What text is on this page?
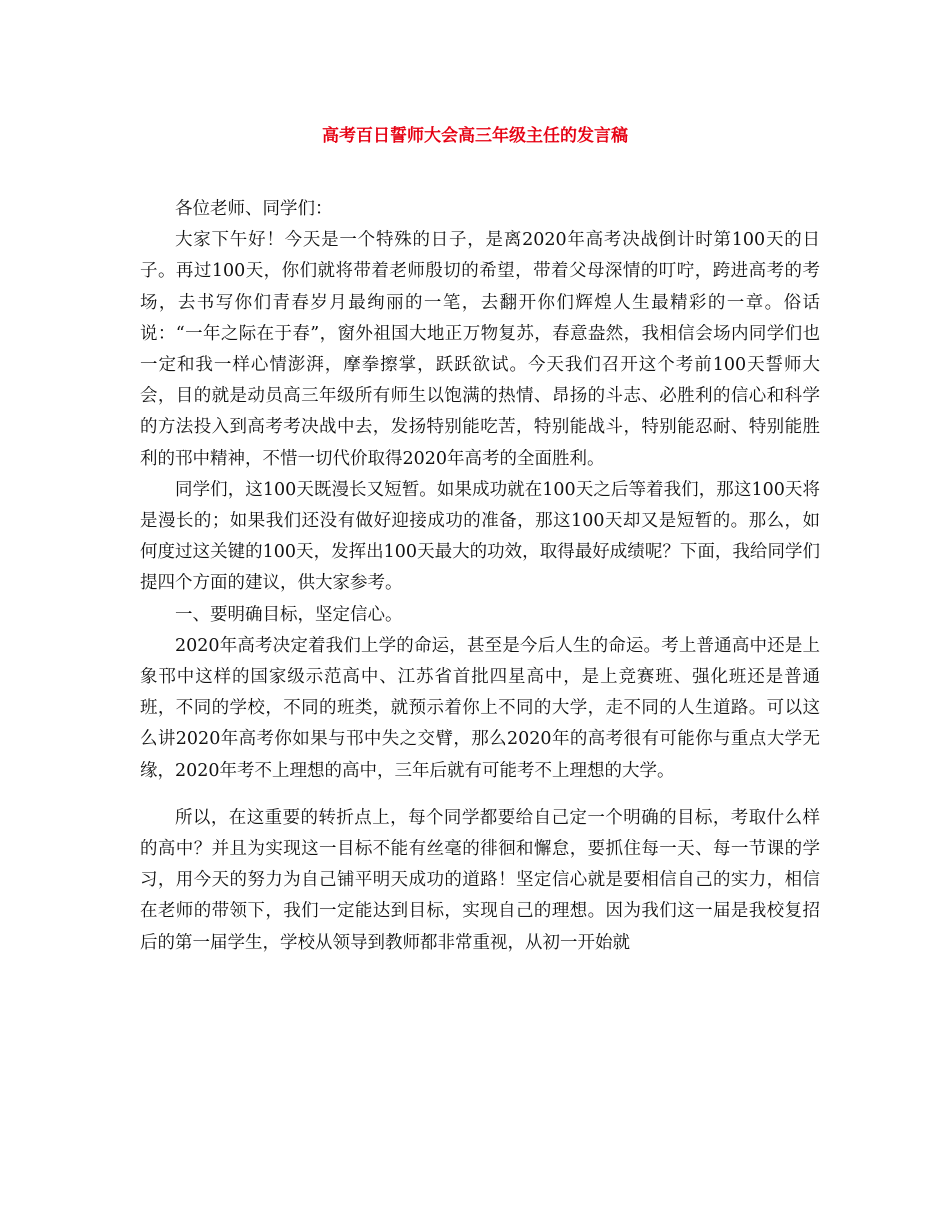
高考百日誓师大会高三年级主任的发言稿

各位老师、同学们：

大家下午好！今天是一个特殊的日子，是离2020年高考决战倒计时第100天的日子。再过100天，你们就将带着老师殷切的希望，带着父母深情的叮咛，跨进高考的考场，去书写你们青春岁月最绚丽的一笔，去翻开你们辉煌人生最精彩的一章。俗话说：“一年之际在于春”，窗外祖国大地正万物复苏，春意盎然，我相信会场内同学们也一定和我一样心情澎湃，摩拳擦掌，跃跃欲试。今天我们召开这个考前100天誓师大会，目的就是动员高三年级所有师生以饱满的热情、昂扬的斗志、必胜利的信心和科学的方法投入到高考考决战中去，发扬特别能吃苦，特别能战斗，特别能忍耐、特别能胜利的邗中精神，不惜一切代价取得2020年高考的全面胜利。

同学们，这100天既漫长又短暂。如果成功就在100天之后等着我们，那这100天将是漫长的；如果我们还没有做好迎接成功的准备，那这100天却又是短暂的。那么，如何度过这关键的100天，发挥出100天最大的功效，取得最好成绩呢？下面，我给同学们提四个方面的建议，供大家参考。

一、要明确目标，坚定信心。

2020年高考决定着我们上学的命运，甚至是今后人生的命运。考上普通高中还是上象邗中这样的国家级示范高中、江苏省首批四星高中，是上竞赛班、强化班还是普通班，不同的学校，不同的班类，就预示着你上不同的大学，走不同的人生道路。可以这么讲2020年高考你如果与邗中失之交臂，那么2020年的高考很有可能你与重点大学无缘，2020年考不上理想的高中，三年后就有可能考不上理想的大学。

所以，在这重要的转折点上，每个同学都要给自己定一个明确的目标，考取什么样的高中？并且为实现这一目标不能有丝毫的徘徊和懈怠，要抓住每一天、每一节课的学习，用今天的努力为自己铺平明天成功的道路！坚定信心就是要相信自己的实力，相信在老师的带领下，我们一定能达到目标，实现自己的理想。因为我们这一届是我校复招后的第一届学生，学校从领导到教师都非常重视，从初一开始就
